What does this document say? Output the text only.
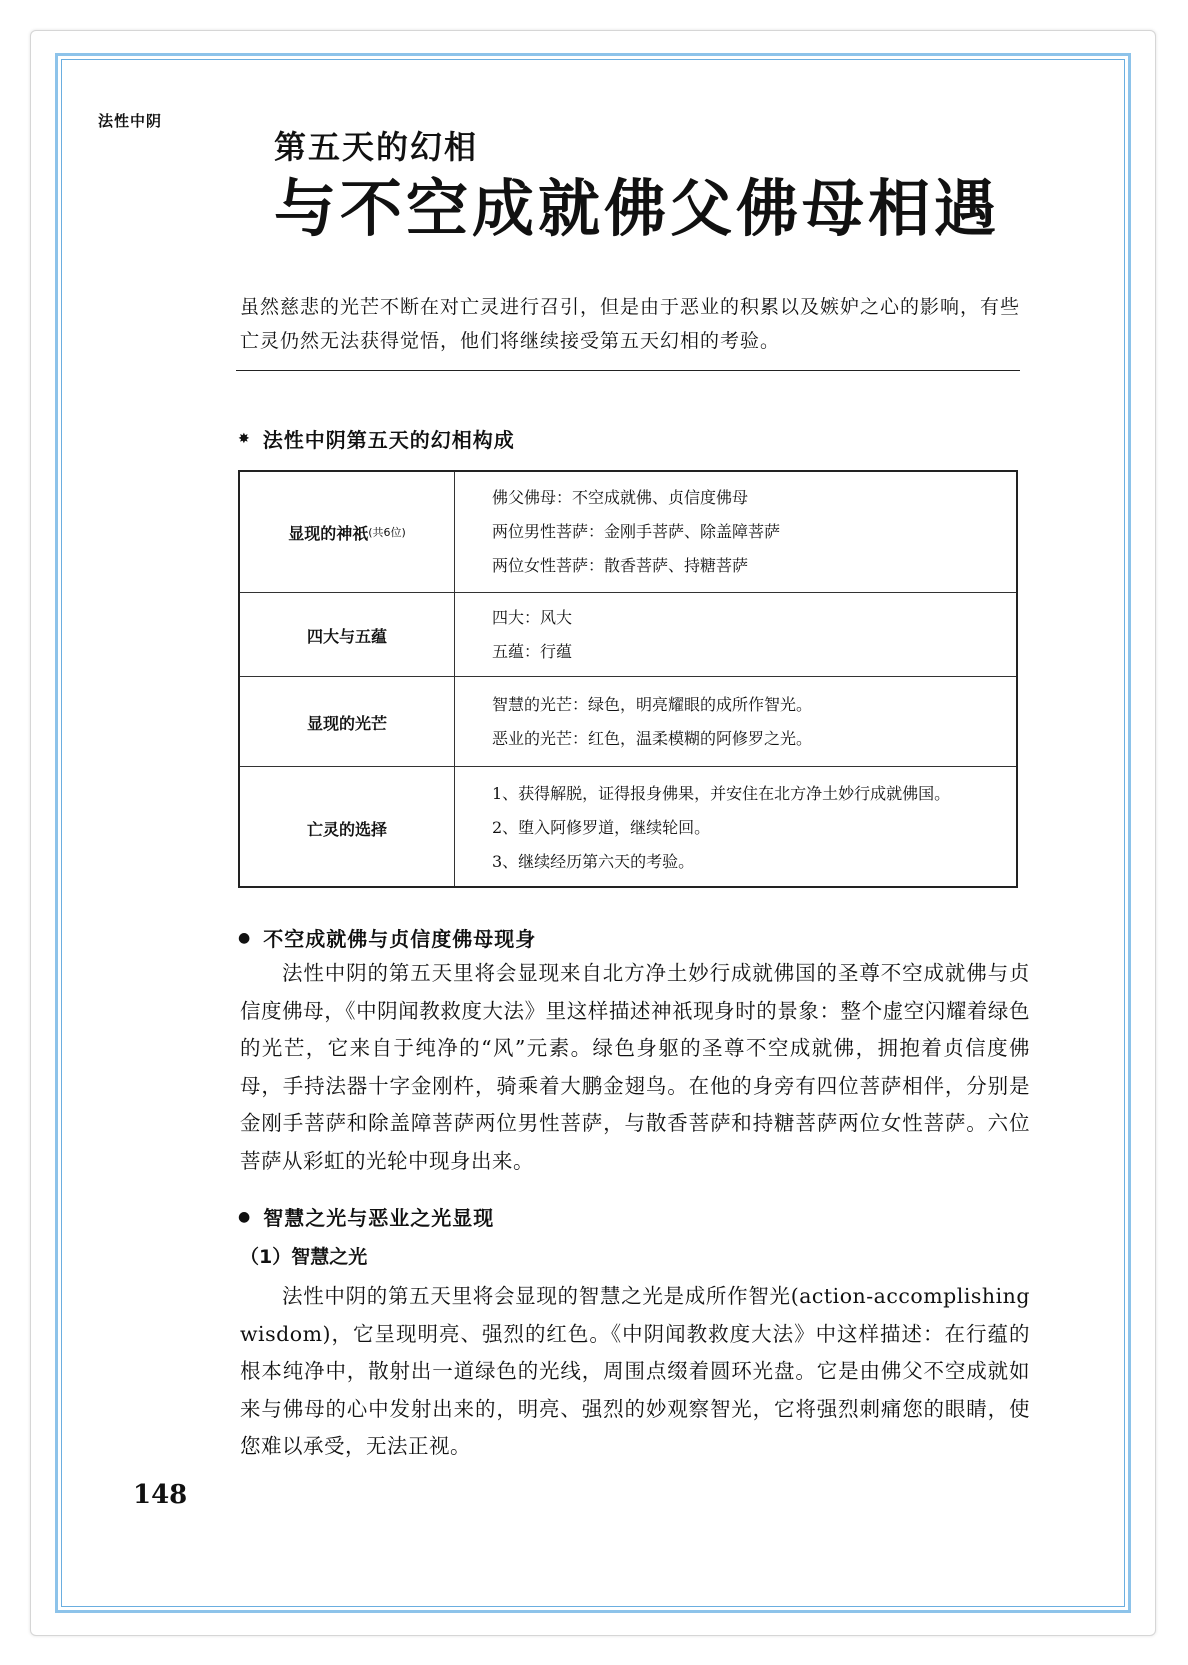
法性中阴
第五天的幻相
与不空成就佛父佛母相遇
虽然慈悲的光芒不断在对亡灵进行召引，但是由于恶业的积累以及嫉妒之心的影响，有些亡灵仍然无法获得觉悟，他们将继续接受第五天幻相的考验。
✸ 法性中阴第五天的幻相构成
显现的神祇 (共6位)
佛父佛母：不空成就佛、贞信度佛母
两位男性菩萨：金刚手菩萨、除盖障菩萨
两位女性菩萨：散香菩萨、持糖菩萨
四大与五蕴
四大：风大
五蕴：行蕴
显现的光芒
智慧的光芒：绿色，明亮耀眼的成所作智光。
恶业的光芒：红色，温柔模糊的阿修罗之光。
亡灵的选择
1、获得解脱，证得报身佛果，并安住在北方净土妙行成就佛国。
2、堕入阿修罗道，继续轮回。
3、继续经历第六天的考验。
● 不空成就佛与贞信度佛母现身
法性中阴的第五天里将会显现来自北方净土妙行成就佛国的圣尊不空成就佛与贞信度佛母，《中阴闻教救度大法》里这样描述神祇现身时的景象：整个虚空闪耀着绿色的光芒，它来自于纯净的“风”元素。绿色身躯的圣尊不空成就佛，拥抱着贞信度佛母，手持法器十字金刚杵，骑乘着大鹏金翅鸟。在他的身旁有四位菩萨相伴，分别是金刚手菩萨和除盖障菩萨两位男性菩萨，与散香菩萨和持糖菩萨两位女性菩萨。六位菩萨从彩虹的光轮中现身出来。
● 智慧之光与恶业之光显现
（1）智慧之光
法性中阴的第五天里将会显现的智慧之光是成所作智光(action-accomplishing wisdom)，它呈现明亮、强烈的红色。《中阴闻教救度大法》中这样描述：在行蕴的根本纯净中，散射出一道绿色的光线，周围点缀着圆环光盘。它是由佛父不空成就如来与佛母的心中发射出来的，明亮、强烈的妙观察智光，它将强烈刺痛您的眼睛，使您难以承受，无法正视。
148
